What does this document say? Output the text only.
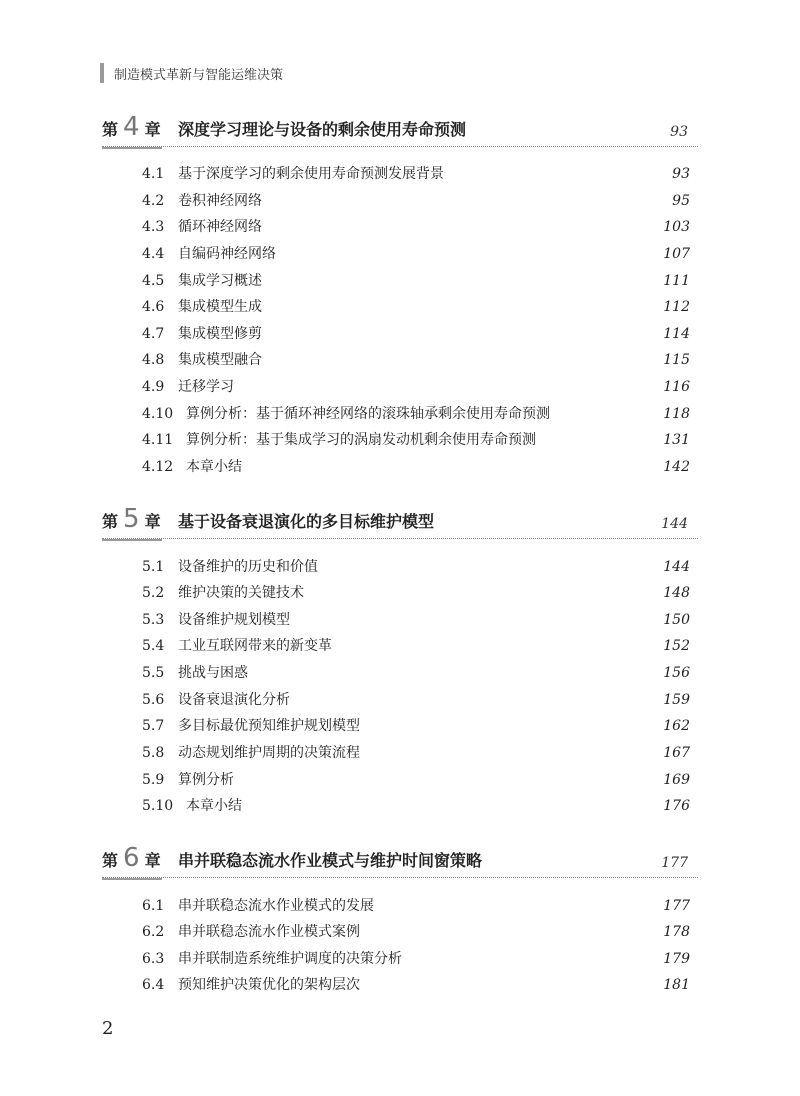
制造模式革新与智能运维决策
第 4 章 深度学习理论与设备的剩余使用寿命预测	93
4.1 基于深度学习的剩余使用寿命预测发展背景	93
4.2 卷积神经网络	95
4.3 循环神经网络	103
4.4 自编码神经网络	107
4.5 集成学习概述	111
4.6 集成模型生成	112
4.7 集成模型修剪	114
4.8 集成模型融合	115
4.9 迁移学习	116
4.10 算例分析：基于循环神经网络的滚珠轴承剩余使用寿命预测	118
4.11 算例分析：基于集成学习的涡扇发动机剩余使用寿命预测	131
4.12 本章小结	142
第 5 章 基于设备衰退演化的多目标维护模型	144
5.1 设备维护的历史和价值	144
5.2 维护决策的关键技术	148
5.3 设备维护规划模型	150
5.4 工业互联网带来的新变革	152
5.5 挑战与困惑	156
5.6 设备衰退演化分析	159
5.7 多目标最优预知维护规划模型	162
5.8 动态规划维护周期的决策流程	167
5.9 算例分析	169
5.10 本章小结	176
第 6 章 串并联稳态流水作业模式与维护时间窗策略	177
6.1 串并联稳态流水作业模式的发展	177
6.2 串并联稳态流水作业模式案例	178
6.3 串并联制造系统维护调度的决策分析	179
6.4 预知维护决策优化的架构层次	181
2
